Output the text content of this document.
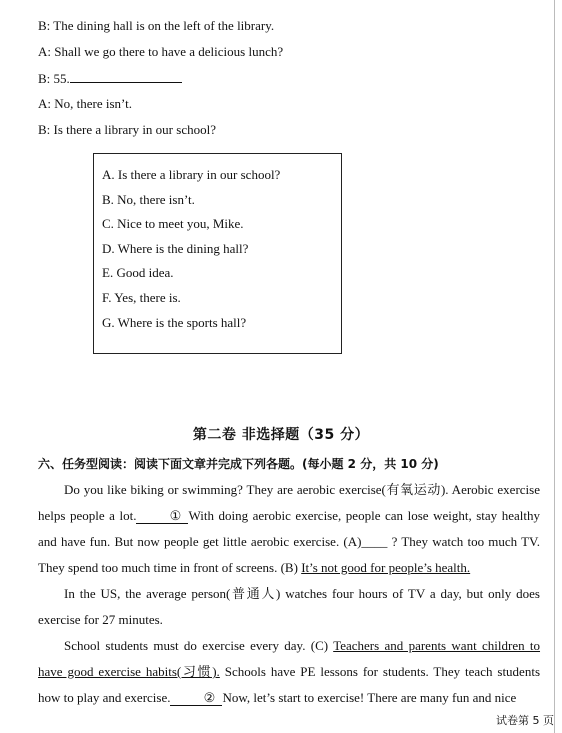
B: The dining hall is on the left of the library.
A: Shall we go there to have a delicious lunch?
B: 55.
A: No, there isn’t.
B: Is there a library in our school?
A. Is there a library in our school?
B. No, there isn’t.
C. Nice to meet you, Mike.
D. Where is the dining hall?
E. Good idea.
F. Yes, there is.
G. Where is the sports hall?
第二卷 非选择题（35 分）
六、任务型阅读：阅读下面文章并完成下列各题。(每小题 2 分，共 10 分)

Do you like biking or swimming? They are aerobic exercise(有氧运动). Aerobic exercise helps people a lot.	① With doing aerobic exercise, people can lose weight, stay healthy and have fun. But now people get little aerobic exercise. (A)____ ? They watch too much TV. They spend too much time in front of screens. (B) It’s not good for people’s health.

In the US, the average person(普通人) watches four hours of TV a day, but only does exercise for 27 minutes.

School students must do exercise every day. (C) Teachers and parents want children to have good exercise habits(习惯). Schools have PE lessons for students. They teach students how to play and exercise.	② Now, let’s start to exercise! There are many fun and nice

试卷第 5 页
